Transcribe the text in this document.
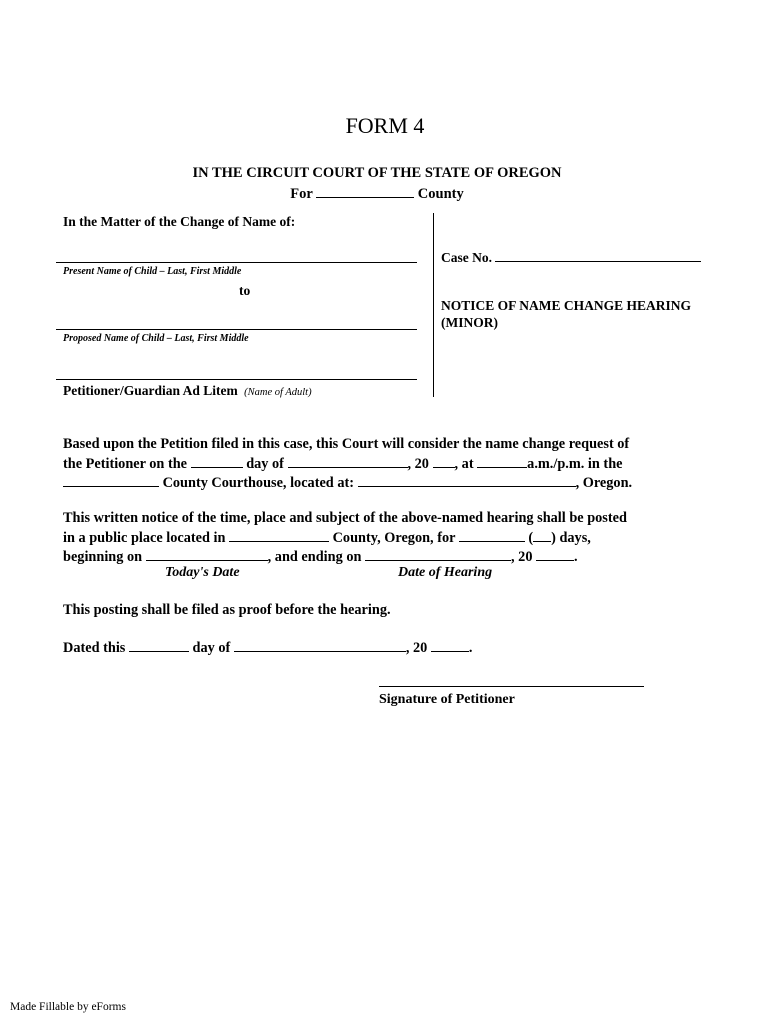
FORM 4
IN THE CIRCUIT COURT OF THE STATE OF OREGON
For	County
In the Matter of the Change of Name of:
Present Name of Child – Last, First Middle
to
Proposed Name of Child – Last, First Middle
Petitioner/Guardian Ad Litem (Name of Adult)
Case No.
NOTICE OF NAME CHANGE HEARING
(MINOR)
Based upon the Petition filed in this case, this Court will consider the name change request of
the Petitioner on the	day of	, 20 , at	a.m./p.m. in the
County Courthouse, located at:	, Oregon.
This written notice of the time, place and subject of the above-named hearing shall be posted
in a public place located in	County, Oregon, for	( ) days,
beginning on	, and ending on	, 20	.
Today's Date	Date of Hearing
This posting shall be filed as proof before the hearing.
Dated this	day of	, 20	.
Signature of Petitioner
Made Fillable by eForms
